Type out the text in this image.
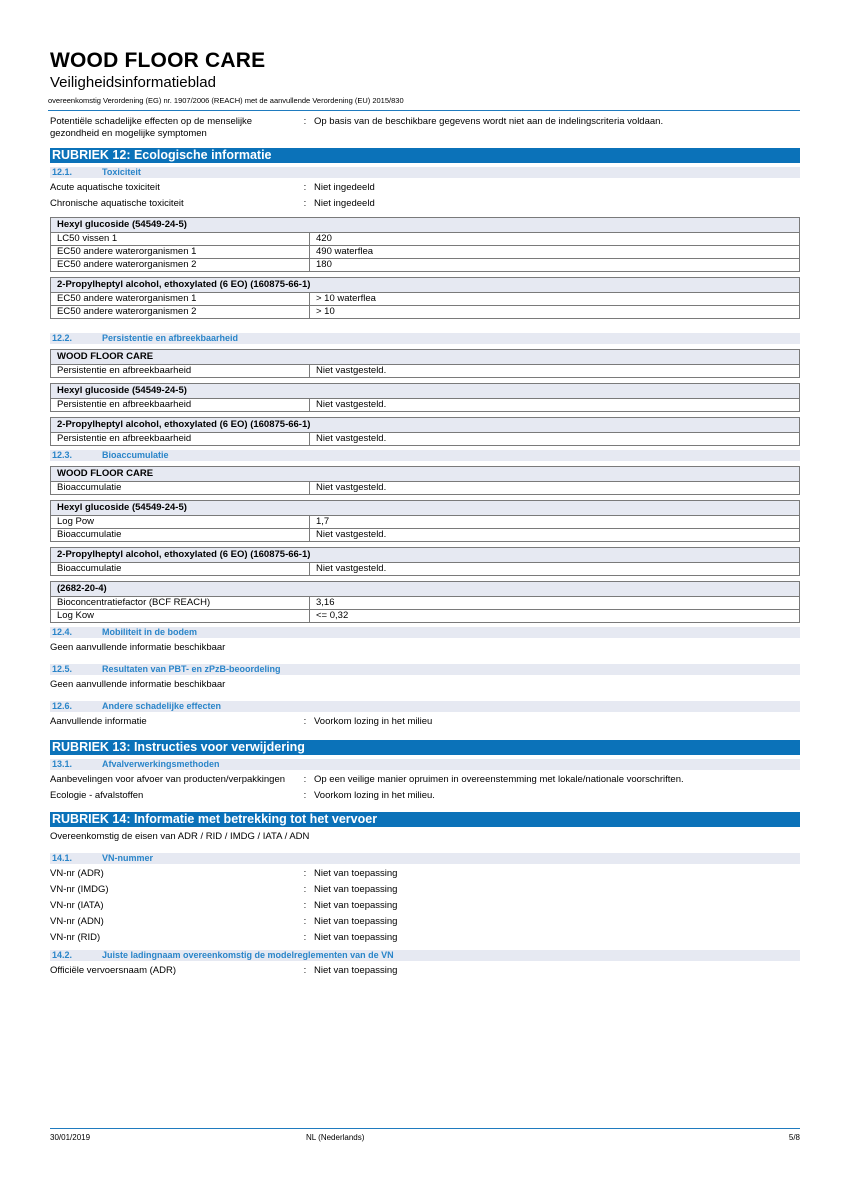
WOOD FLOOR CARE
Veiligheidsinformatieblad
overeenkomstig Verordening (EG) nr. 1907/2006 (REACH) met de aanvullende Verordening (EU) 2015/830
Potentiële schadelijke effecten op de menselijke gezondheid en mogelijke symptomen
: Op basis van de beschikbare gegevens wordt niet aan de indelingscriteria voldaan.
RUBRIEK 12: Ecologische informatie
12.1.	Toxiciteit
Acute aquatische toxiciteit	: Niet ingedeeld
Chronische aquatische toxiciteit	: Niet ingedeeld
Hexyl glucoside (54549-24-5)
LC50 vissen 1	420
EC50 andere waterorganismen 1	490 waterflea
EC50 andere waterorganismen 2	180
2-Propylheptyl alcohol, ethoxylated (6 EO) (160875-66-1)
EC50 andere waterorganismen 1	> 10 waterflea
EC50 andere waterorganismen 2	> 10
12.2.	Persistentie en afbreekbaarheid
WOOD FLOOR CARE
Persistentie en afbreekbaarheid	Niet vastgesteld.
Hexyl glucoside (54549-24-5)
Persistentie en afbreekbaarheid	Niet vastgesteld.
2-Propylheptyl alcohol, ethoxylated (6 EO) (160875-66-1)
Persistentie en afbreekbaarheid	Niet vastgesteld.
12.3.	Bioaccumulatie
WOOD FLOOR CARE
Bioaccumulatie	Niet vastgesteld.
Hexyl glucoside (54549-24-5)
Log Pow	1,7
Bioaccumulatie	Niet vastgesteld.
2-Propylheptyl alcohol, ethoxylated (6 EO) (160875-66-1)
Bioaccumulatie	Niet vastgesteld.
(2682-20-4)
Bioconcentratiefactor (BCF REACH)	3,16
Log Kow	<= 0,32
12.4.	Mobiliteit in de bodem
Geen aanvullende informatie beschikbaar
12.5.	Resultaten van PBT- en zPzB-beoordeling
Geen aanvullende informatie beschikbaar
12.6.	Andere schadelijke effecten
Aanvullende informatie	: Voorkom lozing in het milieu
RUBRIEK 13: Instructies voor verwijdering
13.1.	Afvalverwerkingsmethoden
Aanbevelingen voor afvoer van producten/verpakkingen	: Op een veilige manier opruimen in overeenstemming met lokale/nationale voorschriften.
Ecologie - afvalstoffen	: Voorkom lozing in het milieu.
RUBRIEK 14: Informatie met betrekking tot het vervoer
Overeenkomstig de eisen van ADR / RID / IMDG / IATA / ADN
14.1.	VN-nummer
VN-nr (ADR)	: Niet van toepassing
VN-nr (IMDG)	: Niet van toepassing
VN-nr (IATA)	: Niet van toepassing
VN-nr (ADN)	: Niet van toepassing
VN-nr (RID)	: Niet van toepassing
14.2.	Juiste ladingnaam overeenkomstig de modelreglementen van de VN
Officiële vervoersnaam (ADR)	: Niet van toepassing
30/01/2019	NL (Nederlands)	5/8
